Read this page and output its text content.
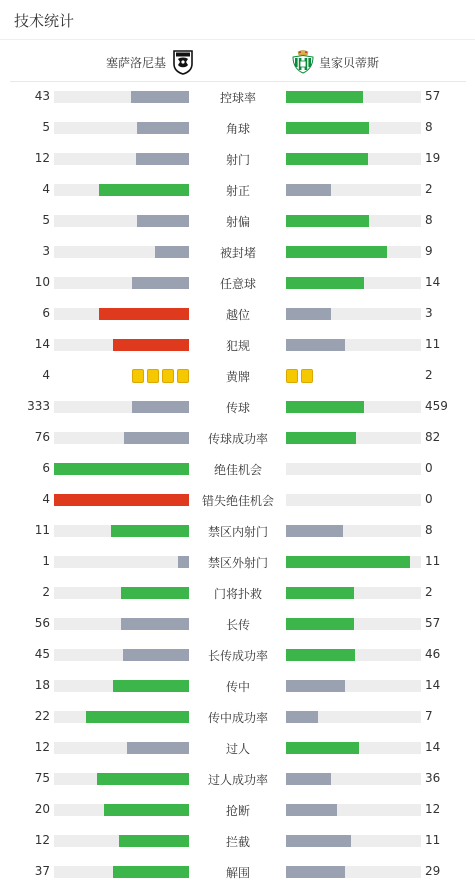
技术统计
塞萨洛尼基	皇家贝蒂斯
43	控球率	57
5	角球	8
12	射门	19
4	射正	2
5	射偏	8
3	被封堵	9
10	任意球	14
6	越位	3
14	犯规	11
4	黄牌	2
333	传球	459
76	传球成功率	82
6	绝佳机会	0
4	错失绝佳机会	0
11	禁区内射门	8
1	禁区外射门	11
2	门将扑救	2
56	长传	57
45	长传成功率	46
18	传中	14
22	传中成功率	7
12	过人	14
75	过人成功率	36
20	抢断	12
12	拦截	11
37	解围	29
